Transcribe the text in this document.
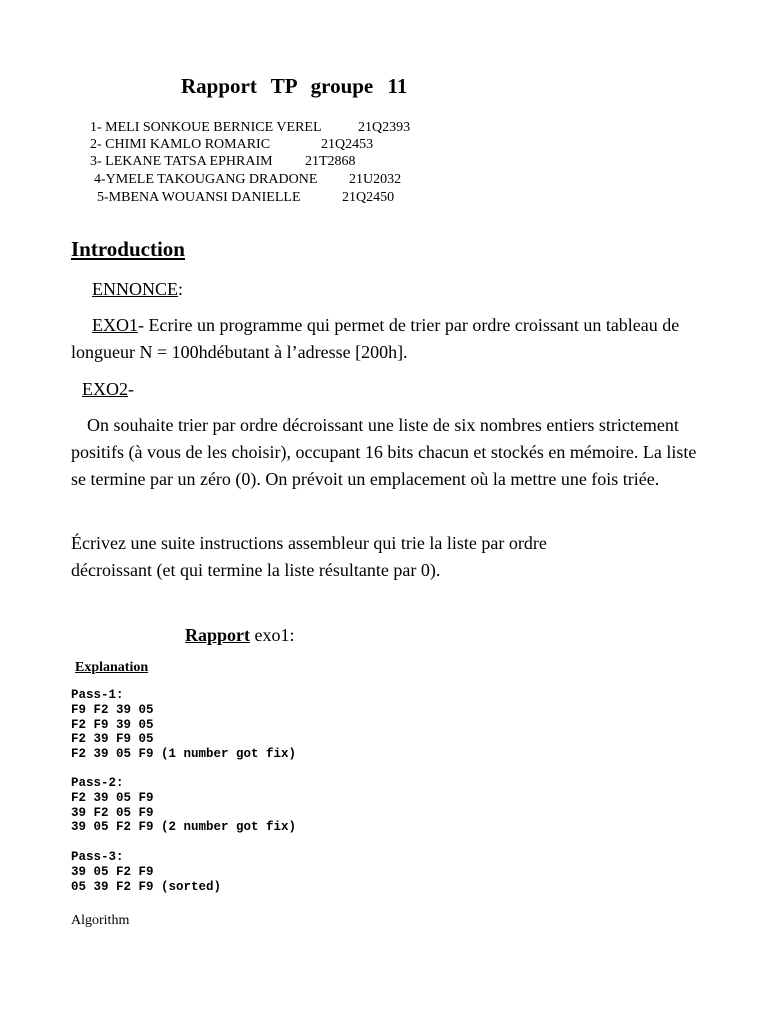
Rapport TP groupe 11
1- MELI SONKOUE BERNICE VEREL	21Q2393
2- CHIMI KAMLO ROMARIC	21Q2453
3- LEKANE TATSA EPHRAIM 21T2868
4-YMELE TAKOUGANG DRADONE 21U2032
5-MBENA WOUANSI DANIELLE	21Q2450
Introduction
ENNONCE:
EXO1- Ecrire un programme qui permet de trier par ordre croissant un tableau de longueur N = 100hdébutant à l’adresse [200h].
EXO2-
On souhaite trier par ordre décroissant une liste de six nombres entiers strictement positifs (à vous de les choisir), occupant 16 bits chacun et stockés en mémoire. La liste se termine par un zéro (0). On prévoit un emplacement où la mettre une fois triée.
Écrivez une suite instructions assembleur qui trie la liste par ordre décroissant (et qui termine la liste résultante par 0).
Rapport exo1:
Explanation
Pass-1:
F9 F2 39 05
F2 F9 39 05
F2 39 F9 05
F2 39 05 F9 (1 number got fix)
Pass-2:
F2 39 05 F9
39 F2 05 F9
39 05 F2 F9 (2 number got fix)
Pass-3:
39 05 F2 F9
05 39 F2 F9 (sorted)
Algorithm
